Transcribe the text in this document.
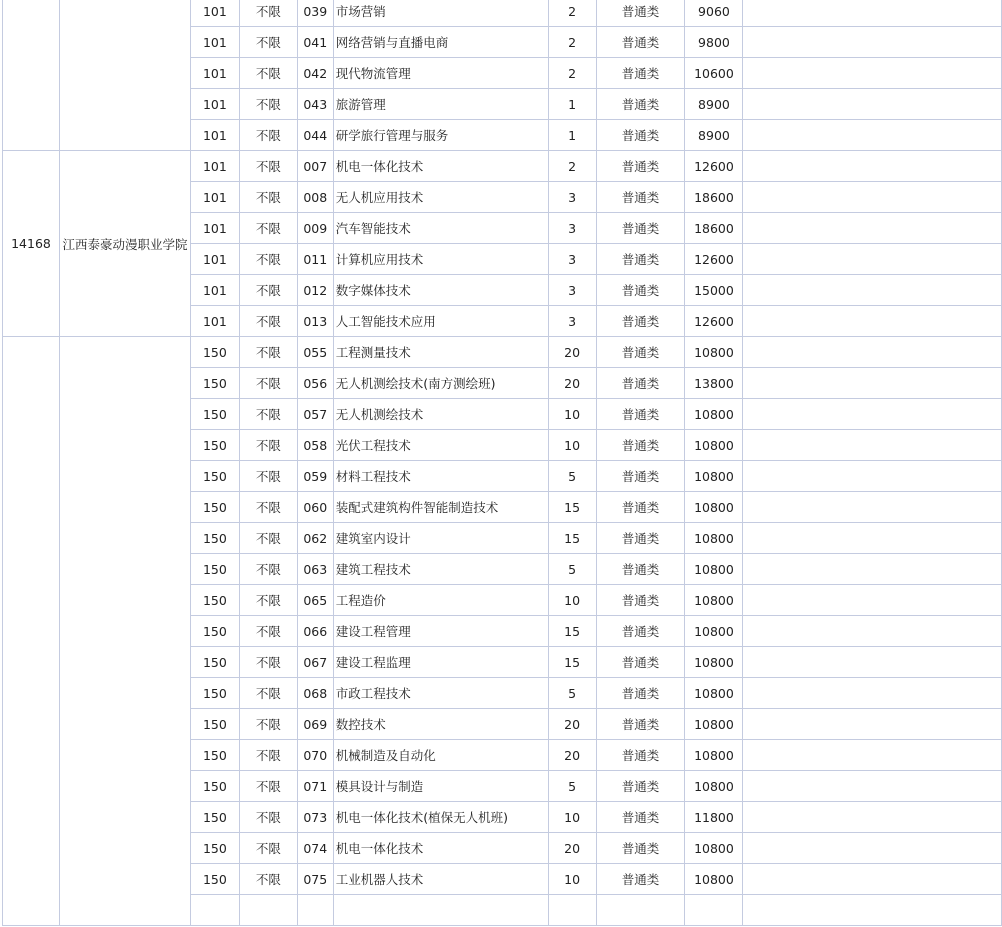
		101	不限	039	市场营销	2	普通类	9060	
		101	不限	041	网络营销与直播电商	2	普通类	9800	
		101	不限	042	现代物流管理	2	普通类	10600	
		101	不限	043	旅游管理	1	普通类	8900	
		101	不限	044	研学旅行管理与服务	1	普通类	8900	
14168	江西泰豪动漫职业学院	101	不限	007	机电一体化技术	2	普通类	12600	
		101	不限	008	无人机应用技术	3	普通类	18600	
		101	不限	009	汽车智能技术	3	普通类	18600	
		101	不限	011	计算机应用技术	3	普通类	12600	
		101	不限	012	数字媒体技术	3	普通类	15000	
		101	不限	013	人工智能技术应用	3	普通类	12600	
		150	不限	055	工程测量技术	20	普通类	10800	
		150	不限	056	无人机测绘技术(南方测绘班)	20	普通类	13800	
		150	不限	057	无人机测绘技术	10	普通类	10800	
		150	不限	058	光伏工程技术	10	普通类	10800	
		150	不限	059	材料工程技术	5	普通类	10800	
		150	不限	060	装配式建筑构件智能制造技术	15	普通类	10800	
		150	不限	062	建筑室内设计	15	普通类	10800	
		150	不限	063	建筑工程技术	5	普通类	10800	
		150	不限	065	工程造价	10	普通类	10800	
		150	不限	066	建设工程管理	15	普通类	10800	
		150	不限	067	建设工程监理	15	普通类	10800	
		150	不限	068	市政工程技术	5	普通类	10800	
		150	不限	069	数控技术	20	普通类	10800	
		150	不限	070	机械制造及自动化	20	普通类	10800	
		150	不限	071	模具设计与制造	5	普通类	10800	
		150	不限	073	机电一体化技术(植保无人机班)	10	普通类	11800	
		150	不限	074	机电一体化技术	20	普通类	10800	
		150	不限	075	工业机器人技术	10	普通类	10800	
